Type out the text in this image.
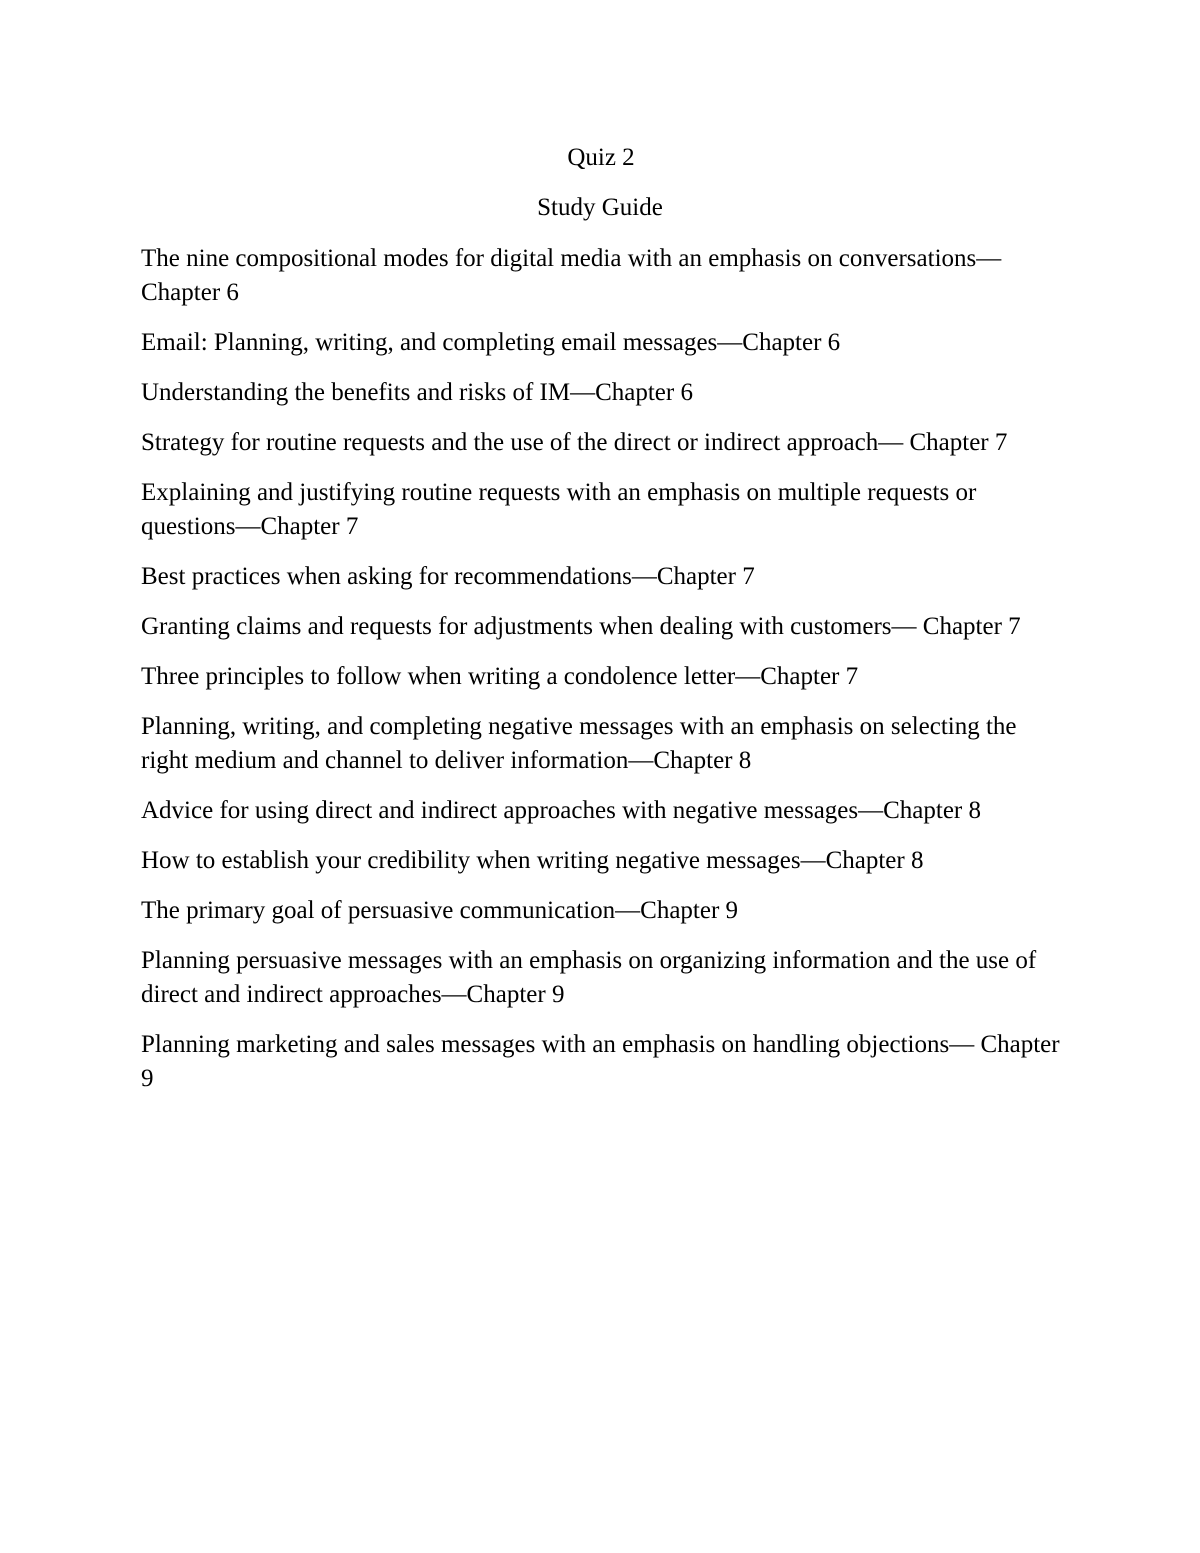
Quiz 2
Study Guide
The nine compositional modes for digital media with an emphasis on conversations—Chapter 6
Email: Planning, writing, and completing email messages—Chapter 6
Understanding the benefits and risks of IM—Chapter 6
Strategy for routine requests and the use of the direct or indirect approach— Chapter 7
Explaining and justifying routine requests with an emphasis on multiple requests or questions—Chapter 7
Best practices when asking for recommendations—Chapter 7
Granting claims and requests for adjustments when dealing with customers— Chapter 7
Three principles to follow when writing a condolence letter—Chapter 7
Planning, writing, and completing negative messages with an emphasis on selecting the right medium and channel to deliver information—Chapter 8
Advice for using direct and indirect approaches with negative messages—Chapter 8
How to establish your credibility when writing negative messages—Chapter 8
The primary goal of persuasive communication—Chapter 9
Planning persuasive messages with an emphasis on organizing information and the use of direct and indirect approaches—Chapter 9
Planning marketing and sales messages with an emphasis on handling objections— Chapter 9
